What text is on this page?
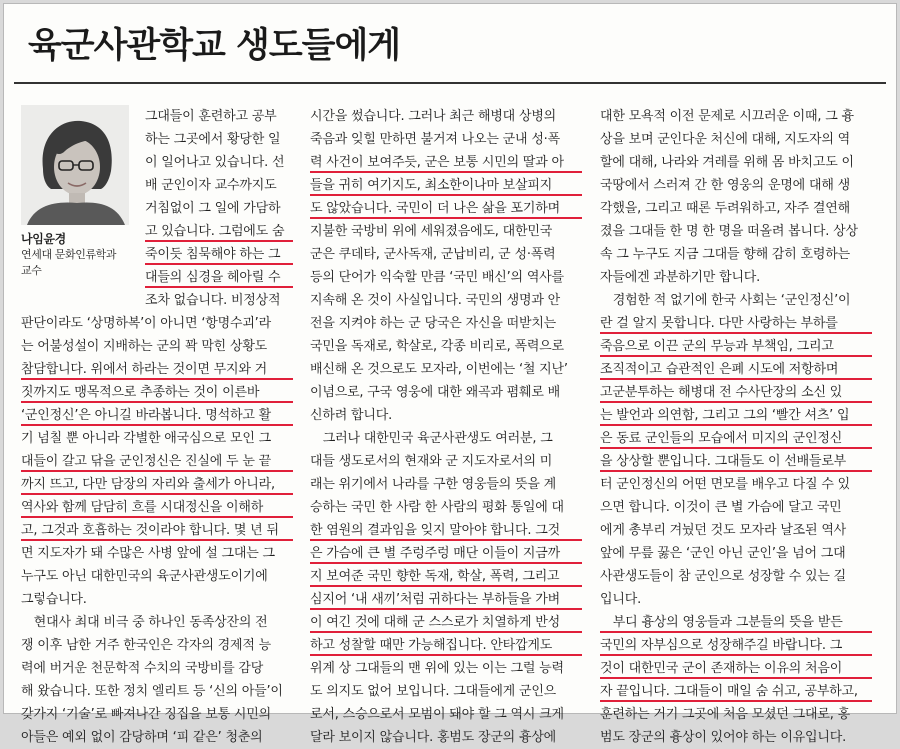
육군사관학교 생도들에게
나임윤경
연세대 문화인류학과
교수
그대들이 훈련하고 공부
하는 그곳에서 황당한 일
이 일어나고 있습니다. 선
배 군인이자 교수까지도
거침없이 그 일에 가담하
고 있습니다. 그럼에도 숨
죽이듯 침묵해야 하는 그
대들의 심경을 헤아릴 수
조차 없습니다. 비정상적
판단이라도 ‘상명하복’이 아니면 ‘항명수괴’라
는 어불성설이 지배하는 군의 꽉 막힌 상황도
참담합니다. 위에서 하라는 것이면 무지와 거
짓까지도 맹목적으로 추종하는 것이 이른바
‘군인정신’은 아니길 바라봅니다. 명석하고 활
기 넘칠 뿐 아니라 각별한 애국심으로 모인 그
대들이 갈고 닦을 군인정신은 진실에 두 눈 끝
까지 뜨고, 다만 담장의 자리와 출세가 아니라,
역사와 함께 담담히 흐를 시대정신을 이해하
고, 그것과 호흡하는 것이라야 합니다. 몇 년 뒤
면 지도자가 돼 수많은 사병 앞에 설 그대는 그
누구도 아닌 대한민국의 육군사관생도이기에
그렇습니다.
　현대사 최대 비극 중 하나인 동족상잔의 전
쟁 이후 남한 거주 한국인은 각자의 경제적 능
력에 버거운 천문학적 수치의 국방비를 감당
해 왔습니다. 또한 정치 엘리트 등 ‘신의 아들’이
갖가지 ‘기술’로 빠져나간 징집을 보통 시민의
아들은 예외 없이 감당하며 ‘피 같은’ 청춘의
시간을 썼습니다. 그러나 최근 해병대 상병의
죽음과 잊힐 만하면 불거져 나오는 군내 성·폭
력 사건이 보여주듯, 군은 보통 시민의 딸과 아
들을 귀히 여기지도, 최소한이나마 보살피지
도 않았습니다. 국민이 더 나은 삶을 포기하며
지불한 국방비 위에 세워졌음에도, 대한민국
군은 쿠데타, 군사독재, 군납비리, 군 성·폭력
등의 단어가 익숙할 만큼 ‘국민 배신’의 역사를
지속해 온 것이 사실입니다. 국민의 생명과 안
전을 지켜야 하는 군 당국은 자신을 떠받치는
국민을 독재로, 학살로, 각종 비리로, 폭력으로
배신해 온 것으로도 모자라, 이번에는 ‘철 지난’
이념으로, 구국 영웅에 대한 왜곡과 폄훼로 배
신하려 합니다.
　그러나 대한민국 육군사관생도 여러분, 그
대들 생도로서의 현재와 군 지도자로서의 미
래는 위기에서 나라를 구한 영웅들의 뜻을 계
승하는 국민 한 사람 한 사람의 평화 통일에 대
한 염원의 결과임을 잊지 말아야 합니다. 그것
은 가슴에 큰 별 주렁주렁 매단 이들이 지금까
지 보여준 국민 향한 독재, 학살, 폭력, 그리고
심지어 ‘내 새끼’처럼 귀하다는 부하들을 가벼
이 여긴 것에 대해 군 스스로가 치열하게 반성
하고 성찰할 때만 가능해집니다. 안타깝게도
위계 상 그대들의 맨 위에 있는 이는 그럴 능력
도 의지도 없어 보입니다. 그대들에게 군인으
로서, 스승으로서 모범이 돼야 할 그 역시 크게
달라 보이지 않습니다. 홍범도 장군의 흉상에
대한 모욕적 이전 문제로 시끄러운 이때, 그 흉
상을 보며 군인다운 처신에 대해, 지도자의 역
할에 대해, 나라와 겨레를 위해 몸 바치고도 이
국땅에서 스러져 간 한 영웅의 운명에 대해 생
각했을, 그리고 때론 두려워하고, 자주 결연해
졌을 그대들 한 명 한 명을 떠올려 봅니다. 상상
속 그 누구도 지금 그대들 향해 감히 호령하는
자들에겐 과분하기만 합니다.
　경험한 적 없기에 한국 사회는 ‘군인정신’이
란 걸 알지 못합니다. 다만 사랑하는 부하를
죽음으로 이끈 군의 무능과 부책임, 그리고
조직적이고 습관적인 은폐 시도에 저항하며
고군분투하는 해병대 전 수사단장의 소신 있
는 발언과 의연함, 그리고 그의 ‘빨간 셔츠’ 입
은 동료 군인들의 모습에서 미지의 군인정신
을 상상할 뿐입니다. 그대들도 이 선배들로부
터 군인정신의 어떤 면모를 배우고 다질 수 있
으면 합니다. 이것이 큰 별 가슴에 달고 국민
에게 총부리 겨눴던 것도 모자라 날조된 역사
앞에 무릎 꿇은 ‘군인 아닌 군인’을 넘어 그대
사관생도들이 참 군인으로 성장할 수 있는 길
입니다.
　부디 흉상의 영웅들과 그분들의 뜻을 받든
국민의 자부심으로 성장해주길 바랍니다. 그
것이 대한민국 군이 존재하는 이유의 처음이
자 끝입니다. 그대들이 매일 숨 쉬고, 공부하고,
훈련하는 거기 그곳에 처음 모셨던 그대로, 홍
범도 장군의 흉상이 있어야 하는 이유입니다.
